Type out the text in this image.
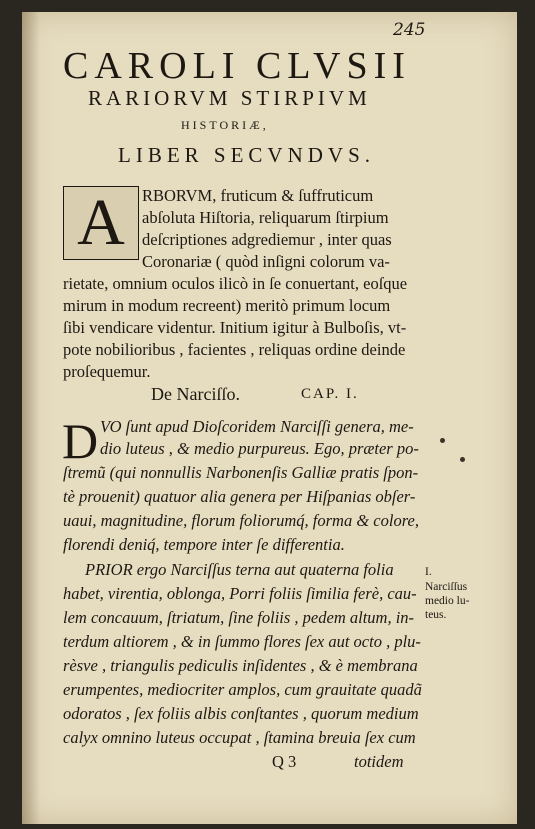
245
CAROLI CLVSII
RARIORVM STIRPIVM
HISTORIÆ,
LIBER SECVNDVS.
A RBORVM, fruticum & ſuffruticum
abſoluta Hiſtoria, reliquarum ſtirpium
deſcriptiones adgrediemur , inter quas
Coronariæ ( quòd inſigni colorum va-
rietate, omnium oculos ilicò in ſe conuertant, eoſque
mirum in modum recreent) meritò primum locum
ſibi vendicare videntur. Initium igitur à Bulboſis, vt-
pote nobilioribus , facientes , reliquas ordine deinde
proſequemur.
De Narciſſo.	CAP. I.
D VO ſunt apud Dioſcoridem Narciſſi genera, me-
dio luteus , & medio purpureus. Ego, præter po-
ſtremũ (qui nonnullis Narbonenſis Galliæ pratis ſpon-
tè prouenit) quatuor alia genera per Hiſpanias obſer-
uaui, magnitudine, florum foliorumq́, forma & colore,
florendi deniq́, tempore inter ſe differentia.
PRIOR ergo Narciſſus terna aut quaterna folia
habet, virentia, oblonga, Porri foliis ſimilia ferè, cau-
lem concauum, ſtriatum, ſine foliis , pedem altum, in-
terdum altiorem , & in ſummo flores ſex aut octo , plu-
rèsve , triangulis pediculis inſidentes , & è membrana
erumpentes, mediocriter amplos, cum grauitate quadã
odoratos , ſex foliis albis conſtantes , quorum medium
calyx omnino luteus occupat , ſtamina breuia ſex cum
Q 3	totidem
I.
Narciſſus
medio lu-
teus.
